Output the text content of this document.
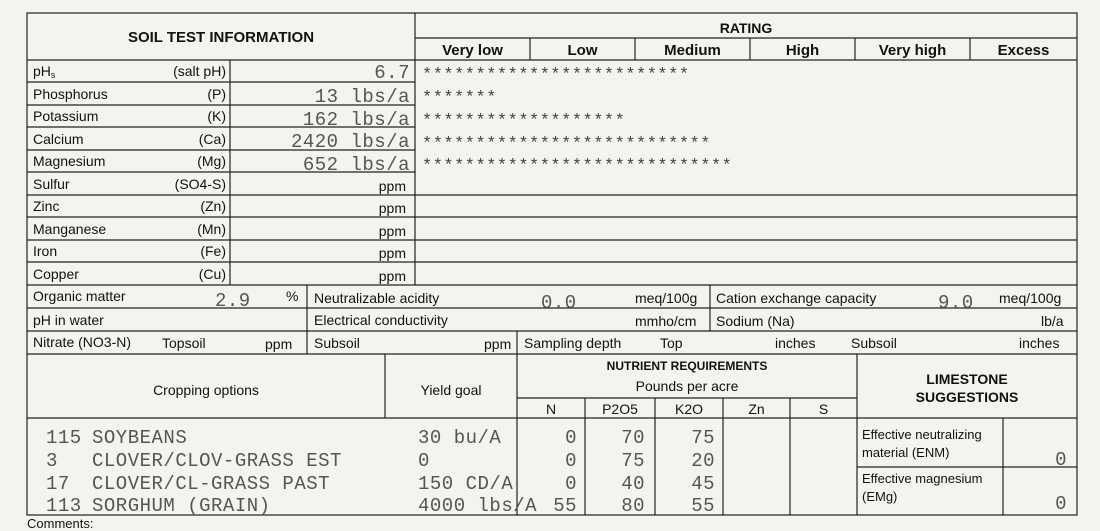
SOIL TEST INFORMATION
RATING
Very low	Low	Medium	High	Very high	Excess
$pH_s$	(salt pH)	6.7 *************************
Phosphorus	(P)	13 lbs/a *******
Potassium	(K)	162 lbs/a *******************
Calcium	(Ca)	2420 lbs/a ***************************
Magnesium	(Mg)	652 lbs/a *****************************
Sulfur	(SO4-S)	ppm
Zinc	(Zn)	ppm
Manganese	(Mn)	ppm
Iron	(Fe)	ppm
Copper	(Cu)	ppm
Organic matter	2.9	% Neutralizable acidity	0.0	meq/100g Cation exchange capacity	9.0 meq/100g
pH in water	Electrical conductivity	mmho/cm Sodium (Na)	lb/a
Nitrate (NO3-N) Topsoil	ppm Subsoil	ppm Sampling depth	Top	inches	Subsoil	inches
Cropping options	Yield goal
NUTRIENT REQUIREMENTS
Pounds per acre
N	P2O5	K2O	Zn	S
LIMESTONE
SUGGESTIONS
115 SOYBEANS	30 bu/A	0	70	75
3 CLOVER/CLOV-GRASS EST	0	0	75	20
17 CLOVER/CL-GRASS PAST	150 CD/A	0	40	45
113 SORGHUM (GRAIN)	4000 lbs/A 55	80	55
Effective neutralizing
material (ENM)	0
Effective magnesium
(EMg)	0
Comments:
